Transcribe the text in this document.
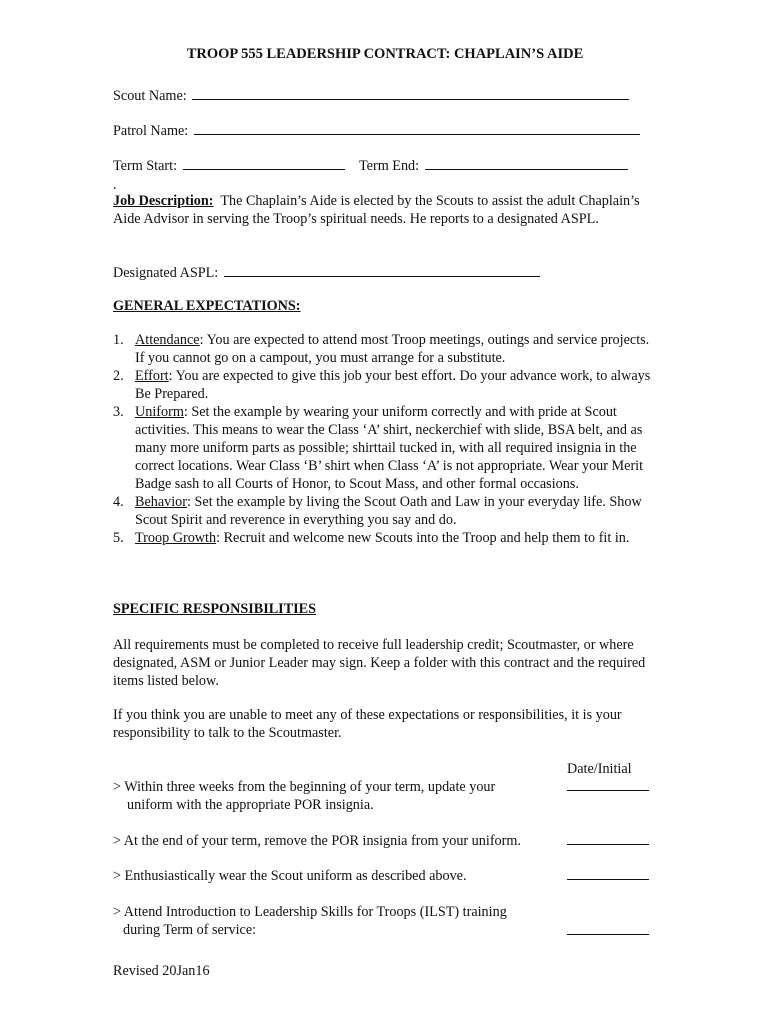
TROOP 555 LEADERSHIP CONTRACT: CHAPLAIN’S AIDE
Scout Name:
Patrol Name:
Term Start:	Term End:
.
Job Description: The Chaplain’s Aide is elected by the Scouts to assist the adult Chaplain’s Aide Advisor in serving the Troop’s spiritual needs. He reports to a designated ASPL.
Designated ASPL:
GENERAL EXPECTATIONS:
1. Attendance: You are expected to attend most Troop meetings, outings and service projects. If you cannot go on a campout, you must arrange for a substitute.
2. Effort: You are expected to give this job your best effort. Do your advance work, to always Be Prepared.
3. Uniform: Set the example by wearing your uniform correctly and with pride at Scout activities. This means to wear the Class ‘A’ shirt, neckerchief with slide, BSA belt, and as many more uniform parts as possible; shirttail tucked in, with all required insignia in the correct locations. Wear Class ‘B’ shirt when Class ‘A’ is not appropriate. Wear your Merit Badge sash to all Courts of Honor, to Scout Mass, and other formal occasions.
4. Behavior: Set the example by living the Scout Oath and Law in your everyday life. Show Scout Spirit and reverence in everything you say and do.
5. Troop Growth: Recruit and welcome new Scouts into the Troop and help them to fit in.
SPECIFIC RESPONSIBILITIES
All requirements must be completed to receive full leadership credit; Scoutmaster, or where designated, ASM or Junior Leader may sign. Keep a folder with this contract and the required items listed below.
If you think you are unable to meet any of these expectations or responsibilities, it is your responsibility to talk to the Scoutmaster.
Date/Initial
> Within three weeks from the beginning of your term, update your
uniform with the appropriate POR insignia.
> At the end of your term, remove the POR insignia from your uniform.
> Enthusiastically wear the Scout uniform as described above.
> Attend Introduction to Leadership Skills for Troops (ILST) training
during Term of service:
Revised 20Jan16
